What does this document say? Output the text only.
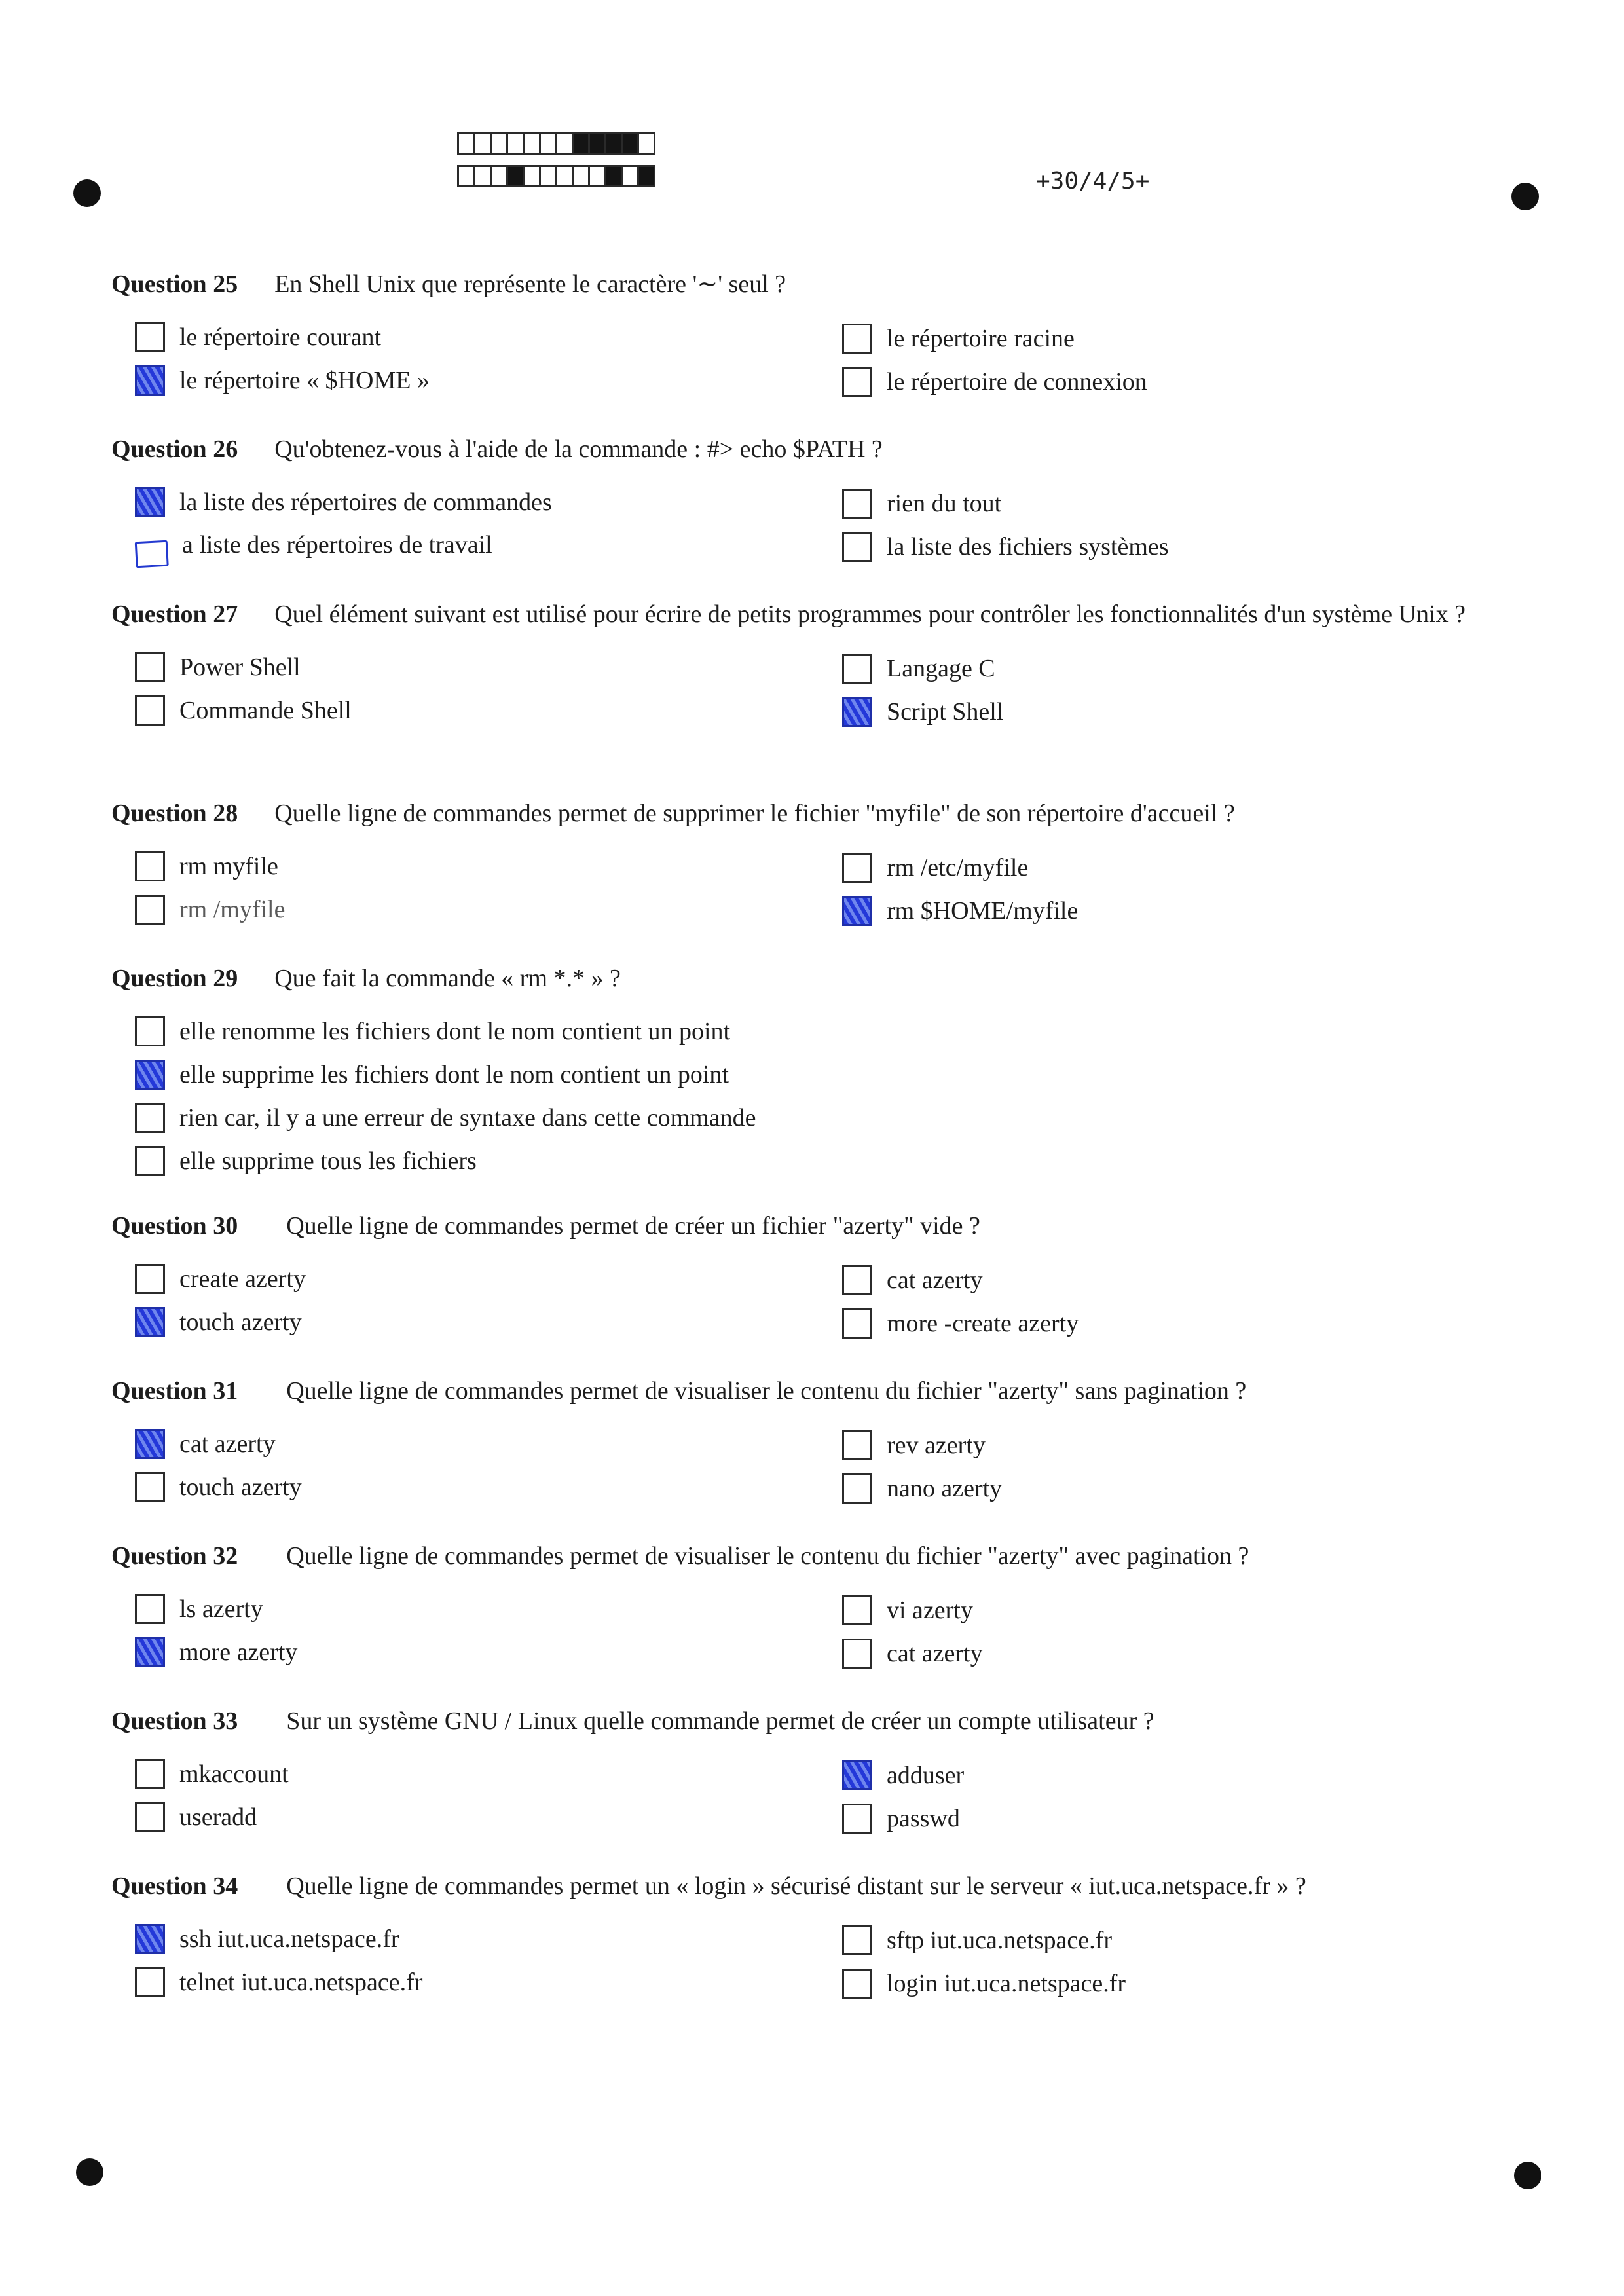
+30/4/5+
Question 25 En Shell Unix que représente le caractère '∼' seul ?
le répertoire courant
le répertoire « $HOME »
le répertoire racine
le répertoire de connexion
Question 26 Qu'obtenez-vous à l'aide de la commande : #> echo $PATH ?
la liste des répertoires de commandes
a liste des répertoires de travail
rien du tout
la liste des fichiers systèmes
Question 27 Quel élément suivant est utilisé pour écrire de petits programmes pour contrôler les fonctionnalités d'un système Unix ?
Power Shell
Commande Shell
Langage C
Script Shell
Question 28 Quelle ligne de commandes permet de supprimer le fichier "myfile" de son répertoire d'accueil ?
rm myfile
rm /myfile
rm /etc/myfile
rm $HOME/myfile
Question 29 Que fait la commande « rm *.* » ?
elle renomme les fichiers dont le nom contient un point
elle supprime les fichiers dont le nom contient un point
rien car, il y a une erreur de syntaxe dans cette commande
elle supprime tous les fichiers
Question 30 Quelle ligne de commandes permet de créer un fichier "azerty" vide ?
create azerty
touch azerty
cat azerty
more -create azerty
Question 31 Quelle ligne de commandes permet de visualiser le contenu du fichier "azerty" sans pagination ?
cat azerty
touch azerty
rev azerty
nano azerty
Question 32 Quelle ligne de commandes permet de visualiser le contenu du fichier "azerty" avec pagination ?
ls azerty
more azerty
vi azerty
cat azerty
Question 33 Sur un système GNU / Linux quelle commande permet de créer un compte utilisateur ?
mkaccount
useradd
adduser
passwd
Question 34 Quelle ligne de commandes permet un « login » sécurisé distant sur le serveur « iut.uca.netspace.fr » ?
ssh iut.uca.netspace.fr
telnet iut.uca.netspace.fr
sftp iut.uca.netspace.fr
login iut.uca.netspace.fr
